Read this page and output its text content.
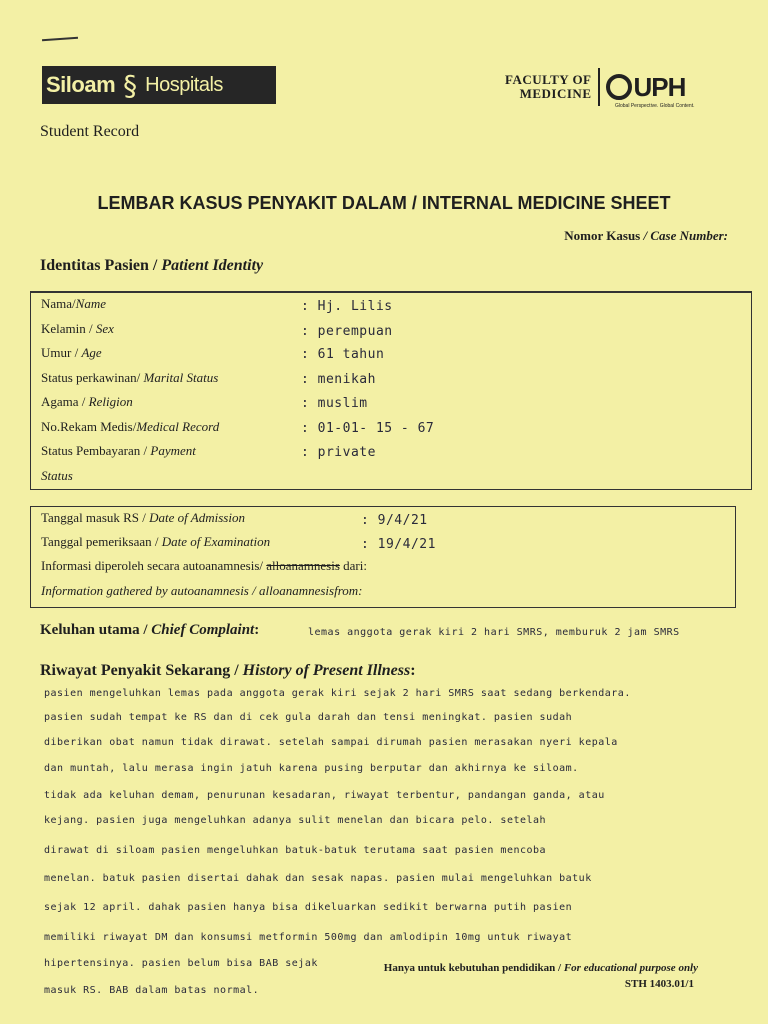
Siloam § Hospitals	FACULTY OF
MEDICINE UPH
Global Perspective. Global Content.
Student Record
LEMBAR KASUS PENYAKIT DALAM / INTERNAL MEDICINE SHEET
Nomor Kasus / Case Number:
Identitas Pasien / Patient Identity
Nama/Name	: Hj. Lilis
Kelamin / Sex	: perempuan
Umur / Age	: 61 tahun
Status perkawinan/ Marital Status	: menikah
Agama / Religion	: muslim
No.Rekam Medis/Medical Record	: 01-01- 15 - 67
Status Pembayaran / Payment	: private
Status
Tanggal masuk RS / Date of Admission	: 9/4/21
Tanggal pemeriksaan / Date of Examination	: 19/4/21
Informasi diperoleh secara autoanamnesis/ alloanamnesis dari:
Information gathered by autoanamnesis / alloanamnesisfrom:
Keluhan utama / Chief Complaint:	lemas anggota gerak kiri 2 hari SMRS, memburuk 2 jam SMRS
Riwayat Penyakit Sekarang / History of Present Illness:
pasien mengeluhkan lemas pada anggota gerak kiri sejak 2 hari SMRS saat sedang berkendara.
pasien sudah tempat ke RS dan di cek gula darah dan tensi meningkat. pasien sudah
diberikan obat namun tidak dirawat. setelah sampai dirumah pasien merasakan nyeri kepala
dan muntah, lalu merasa ingin jatuh karena pusing berputar dan akhirnya ke siloam.
tidak ada keluhan demam, penurunan kesadaran, riwayat terbentur, pandangan ganda, atau
kejang. pasien juga mengeluhkan adanya sulit menelan dan bicara pelo. setelah
dirawat di siloam pasien mengeluhkan batuk-batuk terutama saat pasien mencoba
menelan. batuk pasien disertai dahak dan sesak napas. pasien mulai mengeluhkan batuk
sejak 12 april. dahak pasien hanya bisa dikeluarkan sedikit berwarna putih pasien
memiliki riwayat DM dan konsumsi metformin 500mg dan amlodipin 10mg untuk riwayat
hipertensinya. pasien belum bisa BAB sejak
masuk RS. BAB dalam batas normal.
Hanya untuk kebutuhan pendidikan / For educational purpose only
STH 1403.01/1
